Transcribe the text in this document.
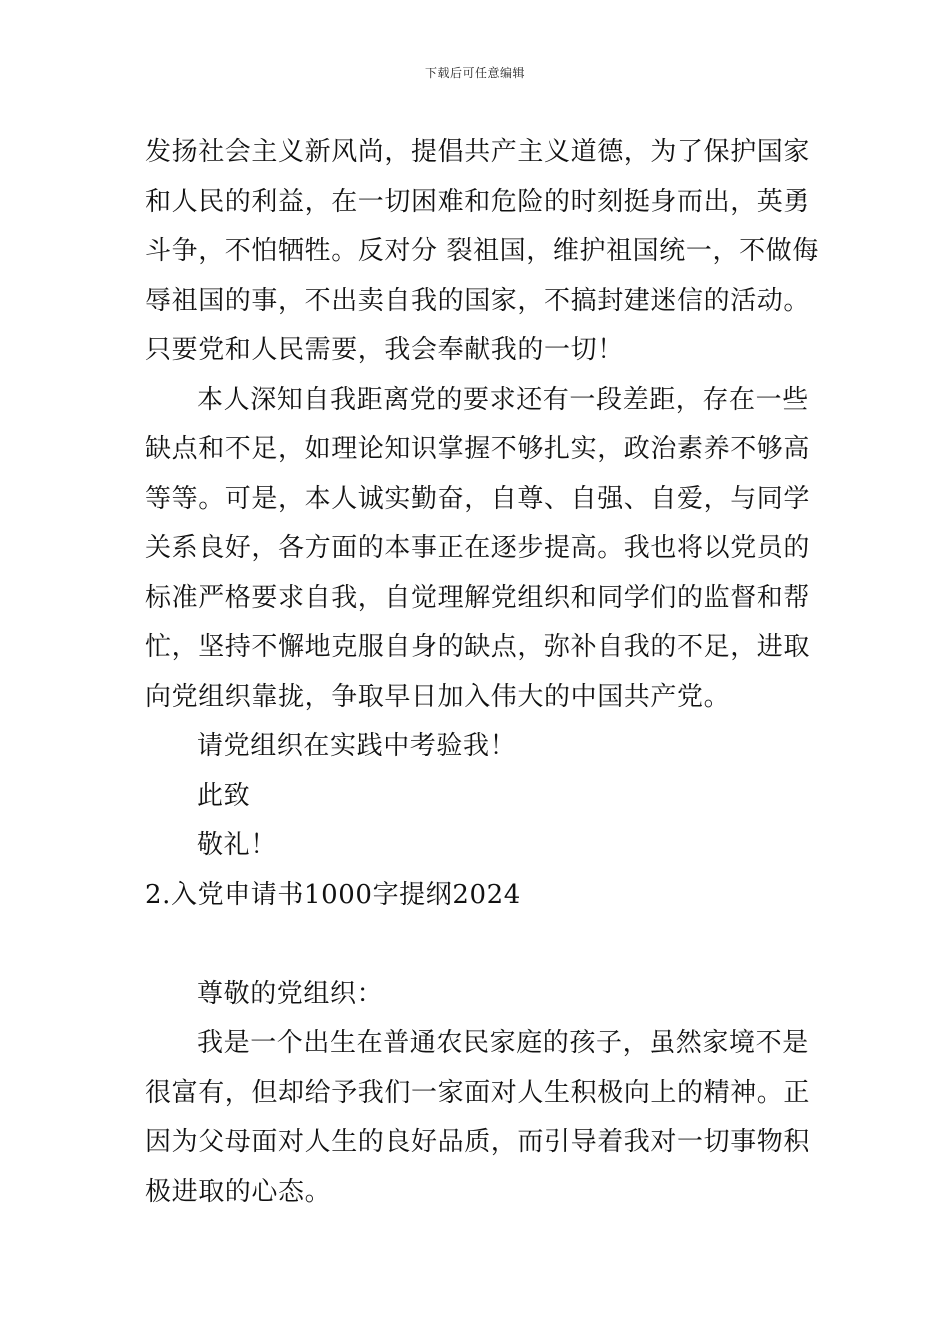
下载后可任意编辑
发扬社会主义新风尚，提倡共产主义道德，为了保护国家
和人民的利益，在一切困难和危险的时刻挺身而出，英勇
斗争，不怕牺牲。反对分 裂祖国，维护祖国统一，不做侮
辱祖国的事，不出卖自我的国家，不搞封建迷信的活动。
只要党和人民需要，我会奉献我的一切！
本人深知自我距离党的要求还有一段差距，存在一些
缺点和不足，如理论知识掌握不够扎实，政治素养不够高
等等。可是，本人诚实勤奋，自尊、自强、自爱，与同学
关系良好，各方面的本事正在逐步提高。我也将以党员的
标准严格要求自我，自觉理解党组织和同学们的监督和帮
忙，坚持不懈地克服自身的缺点，弥补自我的不足，进取
向党组织靠拢，争取早日加入伟大的中国共产党。
请党组织在实践中考验我！
此致
敬礼！
2.入党申请书1000字提纲2024
尊敬的党组织：
我是一个出生在普通农民家庭的孩子，虽然家境不是
很富有，但却给予我们一家面对人生积极向上的精神。正
因为父母面对人生的良好品质，而引导着我对一切事物积
极进取的心态。
